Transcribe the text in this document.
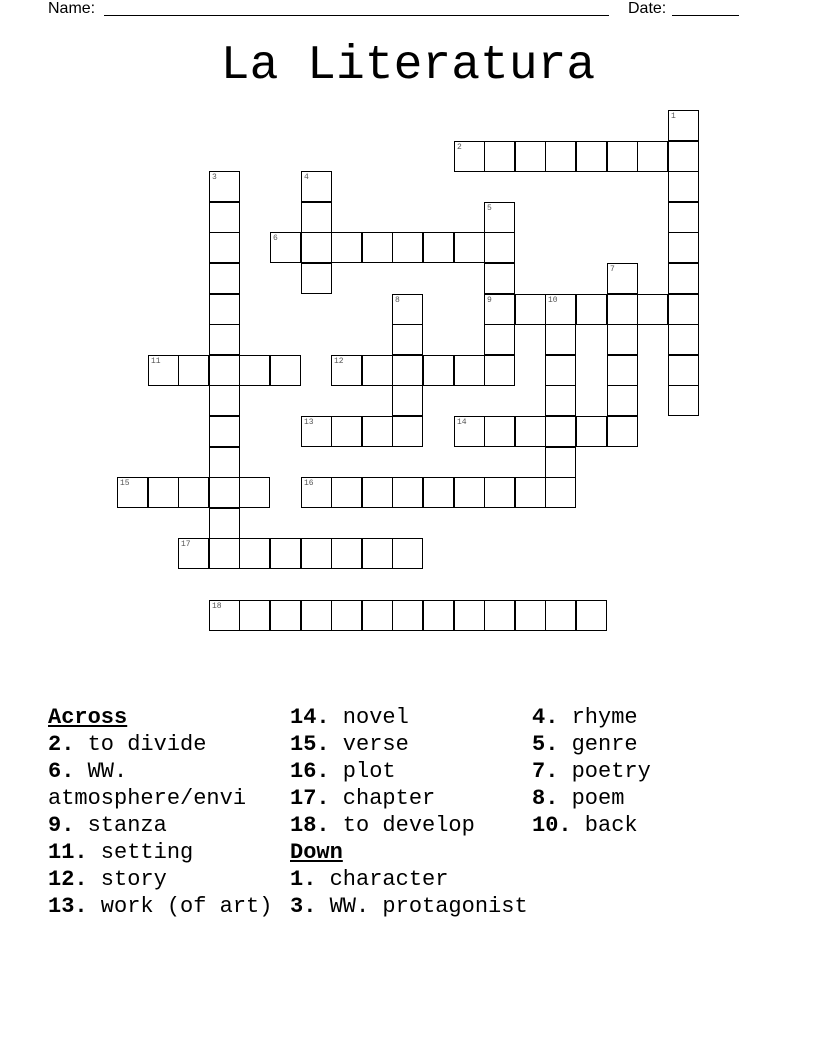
Name:	Date:
La Literatura
1
2
3	4
5
6
7
8	9	10
11	12
13	14
15	16
17
18
Across
2. to divide
6. WW. atmosphere/envi
9. stanza
11. setting
12. story
13. work (of art)
14. novel
15. verse
16. plot
17. chapter
18. to develop
Down
1. character
3. WW. protagonist
4. rhyme
5. genre
7. poetry
8. poem
10. back
